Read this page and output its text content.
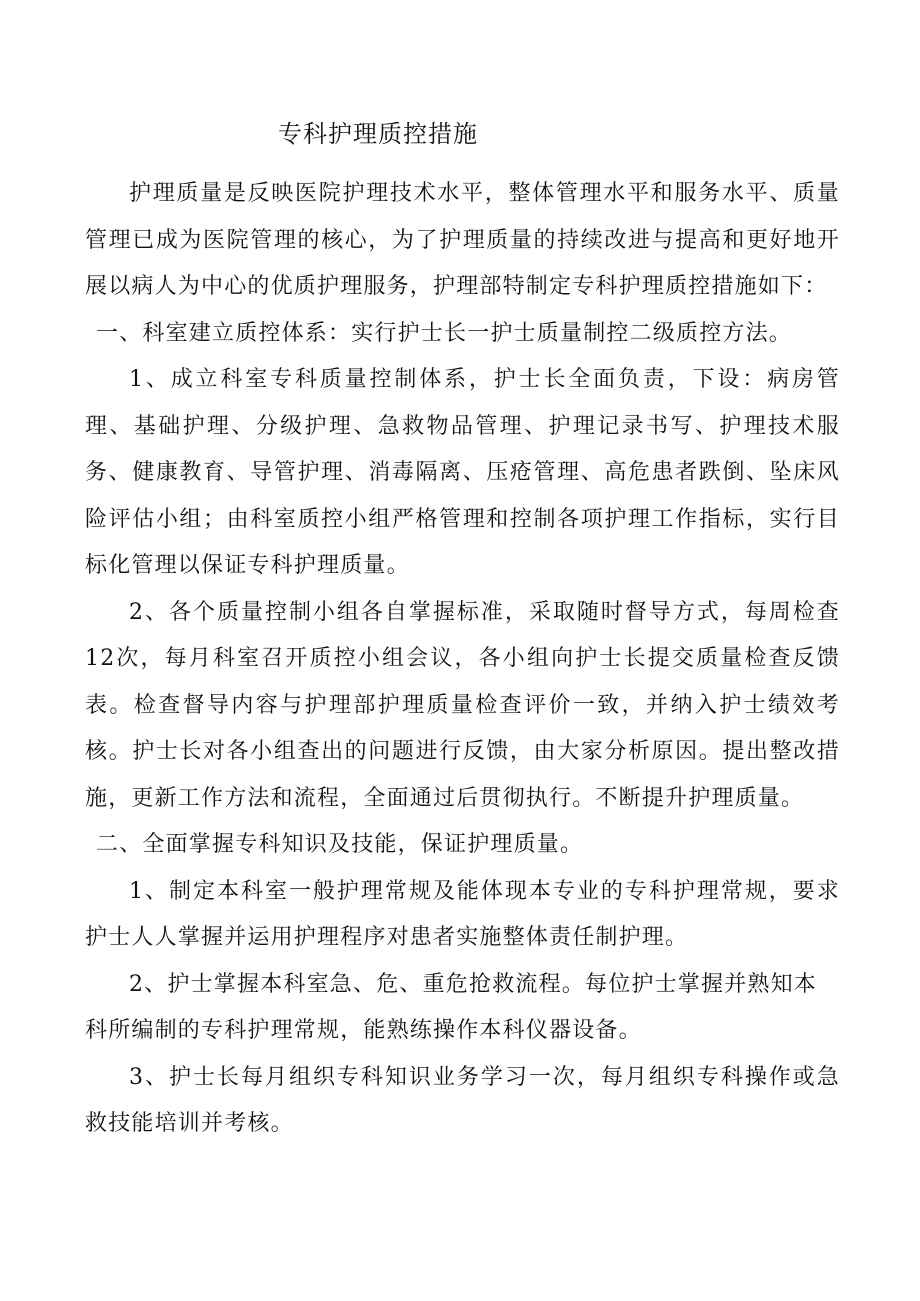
专科护理质控措施

护理质量是反映医院护理技术水平，整体管理水平和服务水平、质量管理已成为医院管理的核心，为了护理质量的持续改进与提高和更好地开展以病人为中心的优质护理服务，护理部特制定专科护理质控措施如下：

一、科室建立质控体系：实行护士长一护士质量制控二级质控方法。

1、成立科室专科质量控制体系，护士长全面负责，下设：病房管理、基础护理、分级护理、急救物品管理、护理记录书写、护理技术服务、健康教育、导管护理、消毒隔离、压疮管理、高危患者跌倒、坠床风险评估小组；由科室质控小组严格管理和控制各项护理工作指标，实行目标化管理以保证专科护理质量。

2、各个质量控制小组各自掌握标准，采取随时督导方式，每周检查12次，每月科室召开质控小组会议，各小组向护士长提交质量检查反馈表。检查督导内容与护理部护理质量检查评价一致，并纳入护士绩效考核。护士长对各小组查出的问题进行反馈，由大家分析原因。提出整改措施，更新工作方法和流程，全面通过后贯彻执行。不断提升护理质量。

二、全面掌握专科知识及技能，保证护理质量。

1、制定本科室一般护理常规及能体现本专业的专科护理常规，要求护士人人掌握并运用护理程序对患者实施整体责任制护理。

2、护士掌握本科室急、危、重危抢救流程。每位护士掌握并熟知本

科所编制的专科护理常规，能熟练操作本科仪器设备。

3、护士长每月组织专科知识业务学习一次，每月组织专科操作或急救技能培训并考核。
